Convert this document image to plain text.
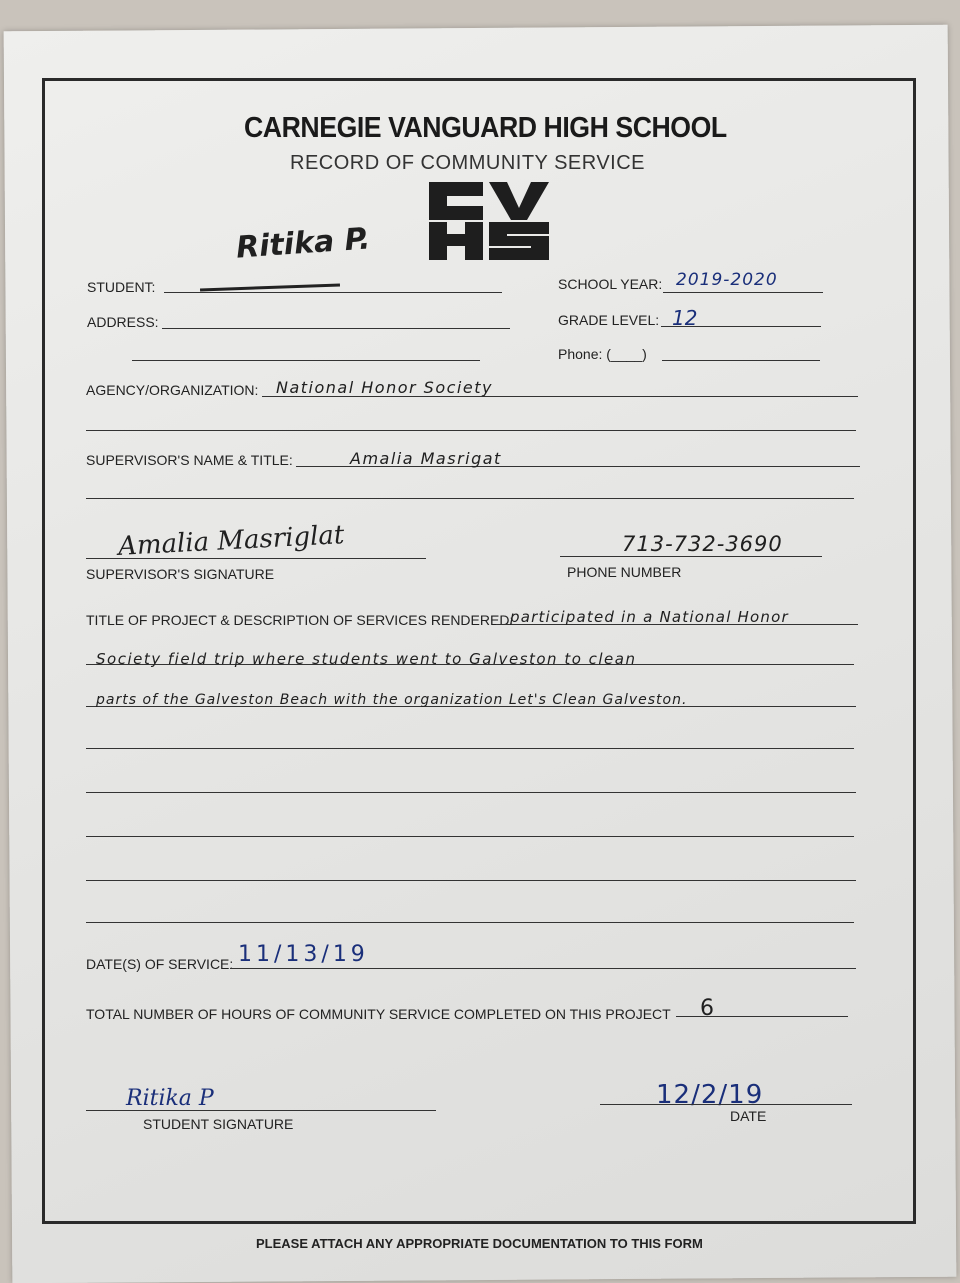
CARNEGIE VANGUARD HIGH SCHOOL
RECORD OF COMMUNITY SERVICE
Ritika P.
STUDENT:	SCHOOL YEAR: 2019-2020
ADDRESS:	GRADE LEVEL: 12
Phone: (____)
AGENCY/ORGANIZATION: National Honor Society
SUPERVISOR'S NAME & TITLE:	Amalia Masrigat
Amalia Masriglat
SUPERVISOR'S SIGNATURE
713-732-3690
PHONE NUMBER
TITLE OF PROJECT & DESCRIPTION OF SERVICES RENDERED:
participated in a National Honor
Society field trip where students went to Galveston to clean
parts of the Galveston Beach with the organization Let's Clean Galveston.
DATE(S) OF SERVICE: 11/13/19
TOTAL NUMBER OF HOURS OF COMMUNITY SERVICE COMPLETED ON THIS PROJECT 6
Ritika P
STUDENT SIGNATURE
12/2/19
DATE
PLEASE ATTACH ANY APPROPRIATE DOCUMENTATION TO THIS FORM
